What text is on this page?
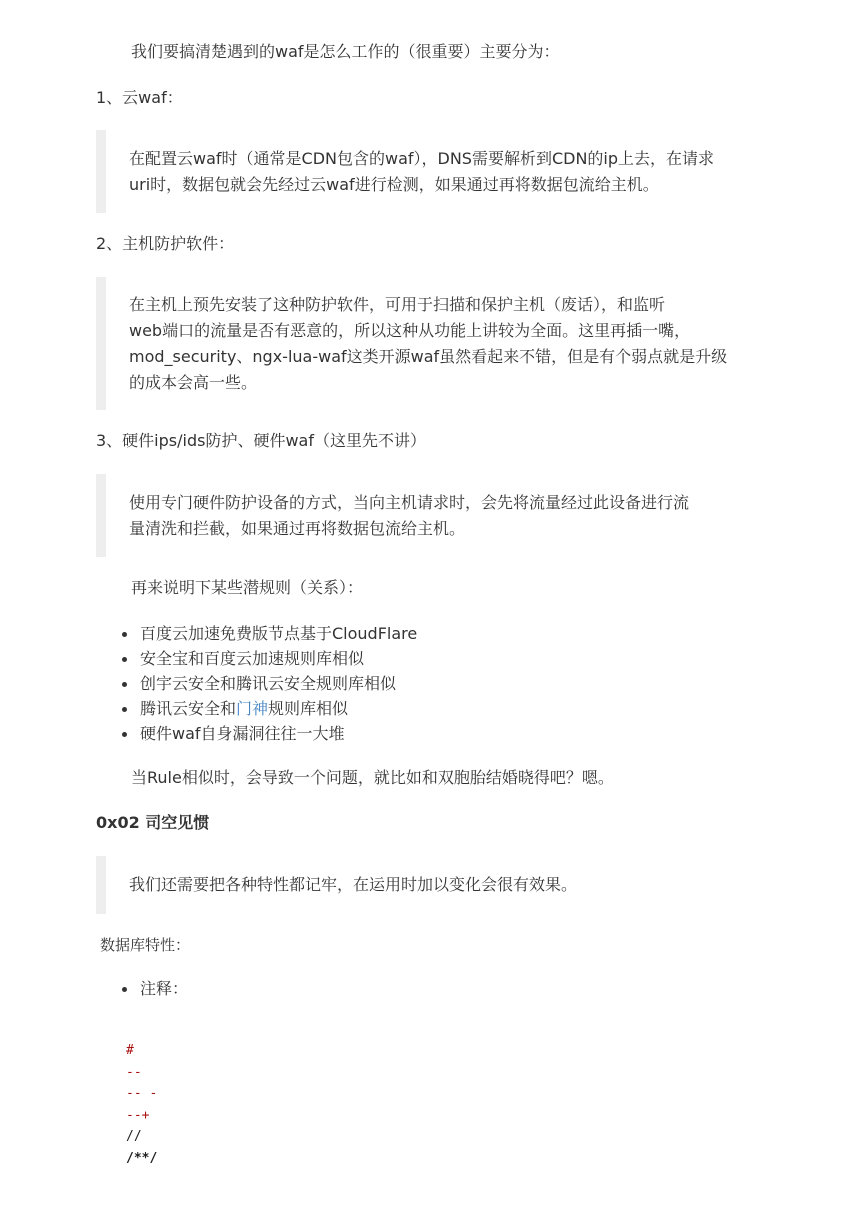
我们要搞清楚遇到的waf是怎么工作的（很重要）主要分为：

1、云waf：

在配置云waf时（通常是CDN包含的waf），DNS需要解析到CDN的ip上去，在请求
uri时，数据包就会先经过云waf进行检测，如果通过再将数据包流给主机。

2、主机防护软件：

在主机上预先安装了这种防护软件，可用于扫描和保护主机（废话），和监听
web端口的流量是否有恶意的，所以这种从功能上讲较为全面。这里再插一嘴，
mod_security、ngx-lua-waf这类开源waf虽然看起来不错，但是有个弱点就是升级
的成本会高一些。

3、硬件ips/ids防护、硬件waf（这里先不讲）

使用专门硬件防护设备的方式，当向主机请求时，会先将流量经过此设备进行流
量清洗和拦截，如果通过再将数据包流给主机。

再来说明下某些潜规则（关系）：

百度云加速免费版节点基于CloudFlare
安全宝和百度云加速规则库相似
创宇云安全和腾讯云安全规则库相似
腾讯云安全和门神规则库相似
硬件waf自身漏洞往往一大堆

当Rule相似时，会导致一个问题，就比如和双胞胎结婚晓得吧？嗯。

0x02 司空见惯

我们还需要把各种特性都记牢，在运用时加以变化会很有效果。

数据库特性：

注释：
#
--
-- -
--+
//
/**/
